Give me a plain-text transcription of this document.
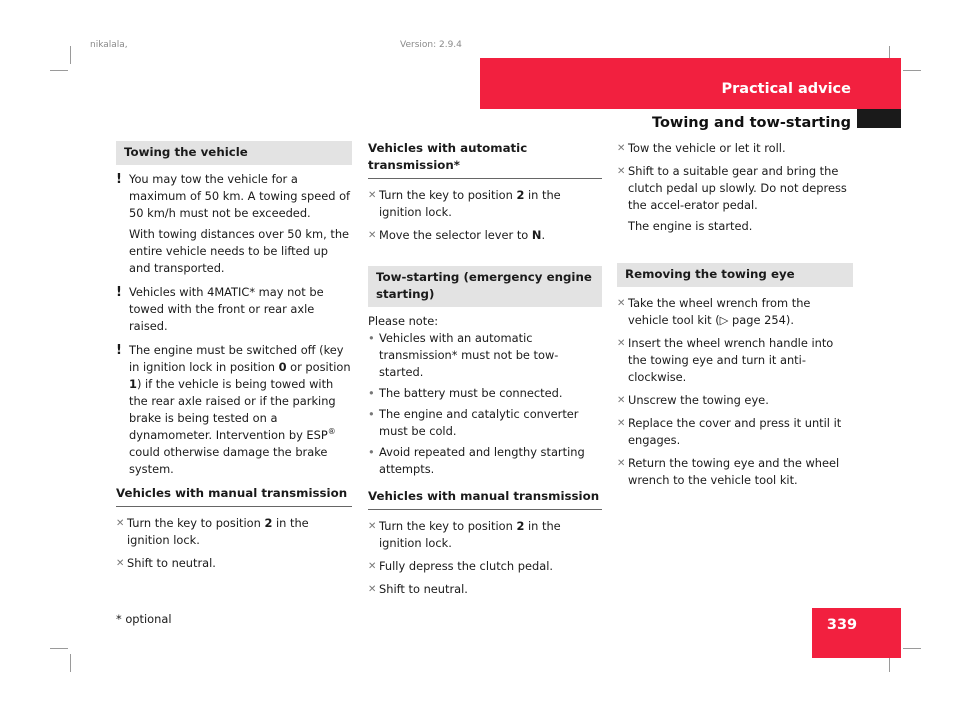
nikalala,	Version: 2.9.4
Practical advice
Towing and tow-starting
Towing the vehicle
! You may tow the vehicle for a maximum of 50 km. A towing speed of 50 km/h must not be exceeded.

With towing distances over 50 km, the entire vehicle needs to be lifted up and transported.

! Vehicles with 4MATIC* may not be towed with the front or rear axle raised.

! The engine must be switched off (key in ignition lock in position 0 or position 1) if the vehicle is being towed with the rear axle raised or if the parking brake is being tested on a dynamometer. Intervention by ESP® could otherwise damage the brake system.

Vehicles with manual transmission
✕ Turn the key to position 2 in the ignition lock.

✕ Shift to neutral.

Vehicles with automatic transmission*
✕ Turn the key to position 2 in the ignition lock.

✕ Move the selector lever to N.

Tow-starting (emergency engine starting)

Please note:

• Vehicles with an automatic transmission* must not be tow-started.

• The battery must be connected.

• The engine and catalytic converter must be cold.

• Avoid repeated and lengthy starting attempts.

Vehicles with manual transmission
✕ Turn the key to position 2 in the ignition lock.

✕ Fully depress the clutch pedal.

✕ Shift to neutral.

✕ Tow the vehicle or let it roll.

✕ Shift to a suitable gear and bring the clutch pedal up slowly. Do not depress the accel-erator pedal.

The engine is started.

Removing the towing eye
✕ Take the wheel wrench from the vehicle tool kit (▷ page 254).

✕ Insert the wheel wrench handle into the towing eye and turn it anti-clockwise.

✕ Unscrew the towing eye.

✕ Replace the cover and press it until it engages.

✕ Return the towing eye and the wheel wrench to the vehicle tool kit.

* optional	339
